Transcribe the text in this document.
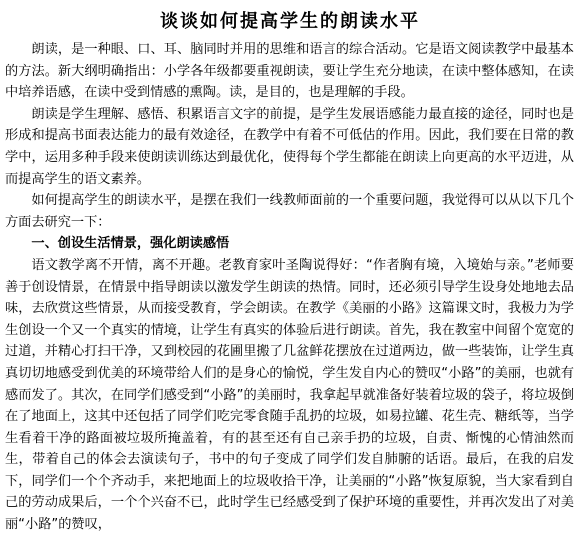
谈谈如何提高学生的朗读水平

朗读，是一种眼、口、耳、脑同时并用的思维和语言的综合活动。它是语文阅读教学中最基本的方法。新大纲明确指出：小学各年级都要重视朗读，要让学生充分地读，在读中整体感知，在读中培养语感，在读中受到情感的熏陶。读，是目的，也是理解的手段。

朗读是学生理解、感悟、积累语言文字的前提，是学生发展语感能力最直接的途径，同时也是形成和提高书面表达能力的最有效途径，在教学中有着不可低估的作用。因此，我们要在日常的教学中，运用多种手段来使朗读训练达到最优化，使得每个学生都能在朗读上向更高的水平迈进，从而提高学生的语文素养。

如何提高学生的朗读水平，是摆在我们一线教师面前的一个重要问题，我觉得可以从以下几个方面去研究一下：

一、创设生活情景，强化朗读感悟

语文教学离不开情，离不开趣。老教育家叶圣陶说得好：“作者胸有境，入境始与亲。”老师要善于创设情景，在情景中指导朗读以激发学生朗读的热情。同时，还必须引导学生设身处地地去品味，去欣赏这些情景，从而接受教育，学会朗读。在教学《美丽的小路》这篇课文时，我极力为学生创设一个又一个真实的情境，让学生有真实的体验后进行朗读。首先，我在教室中间留个宽宽的过道，并精心打扫干净，又到校园的花圃里搬了几盆鲜花摆放在过道两边，做一些装饰，让学生真真切切地感受到优美的环境带给人们的是身心的愉悦，学生发自内心的赞叹“小路”的美丽，也就有感而发了。其次，在同学们感受到“小路”的美丽时，我拿起早就准备好装着垃圾的袋子，将垃圾倒在了地面上，这其中还包括了同学们吃完零食随手乱扔的垃圾，如易拉罐、花生壳、糖纸等，当学生看着干净的路面被垃圾所掩盖着，有的甚至还有自己亲手扔的垃圾，自责、惭愧的心情油然而生，带着自己的体会去演读句子，书中的句子变成了同学们发自肺腑的话语。最后，在我的启发下，同学们一个个齐动手，来把地面上的垃圾收拾干净，让美丽的“小路”恢复原貌，当大家看到自己的劳动成果后，一个个兴奋不已，此时学生已经感受到了保护环境的重要性，并再次发出了对美丽“小路”的赞叹，
